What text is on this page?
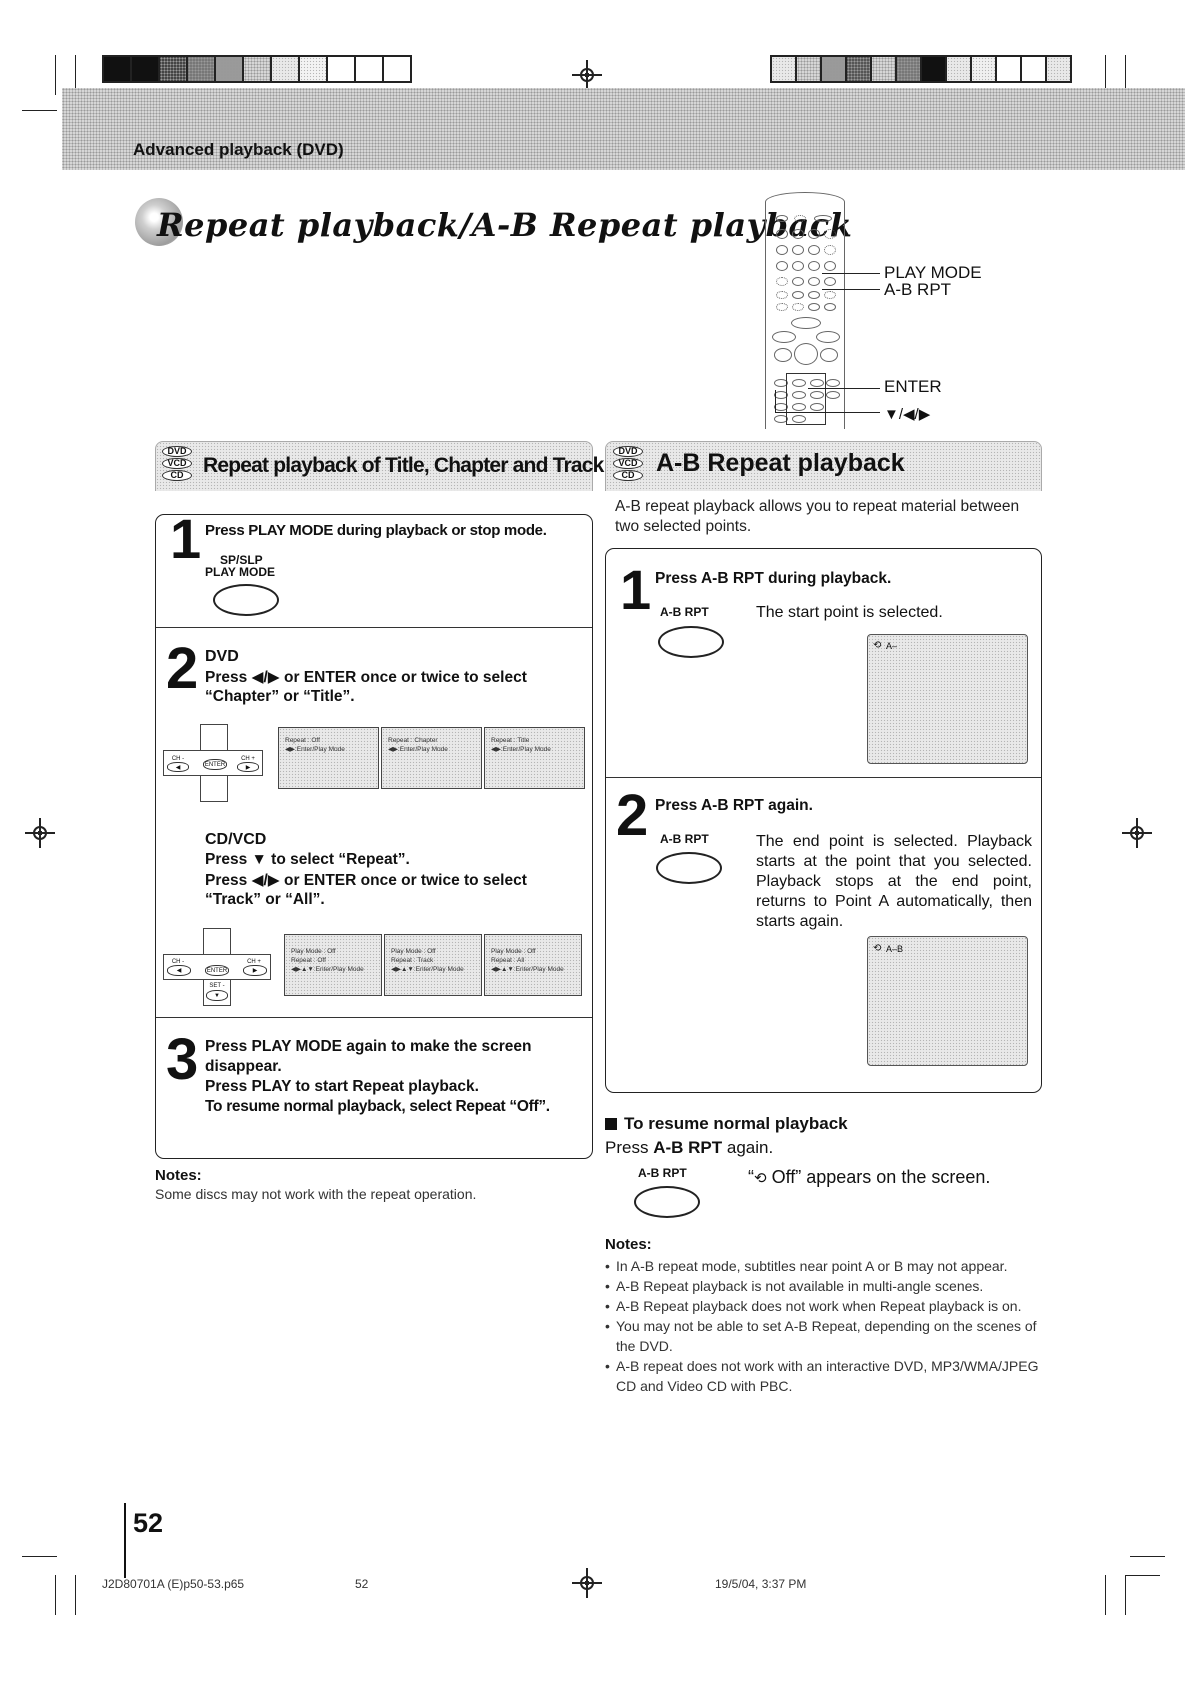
Advanced playback (DVD)
Repeat playback/A-B Repeat playback
PLAY MODE
A-B RPT
ENTER
▼/◀/▶
DVD
VCD
CD Repeat playback of Title, Chapter and Track
1 Press PLAY MODE during playback or stop mode.
SP/SLP
PLAY MODE
2 DVD
Press ◀/▶ or ENTER once or twice to select
“Chapter” or “Title”.
CH -
◀	ENTER
CH +
▶
Repeat : Off
◀▶:Enter/Play Mode
Repeat : Chapter
◀▶:Enter/Play Mode
Repeat : Title
◀▶:Enter/Play Mode
CD/VCD
Press ▼ to select “Repeat”.
Press ◀/▶ or ENTER once or twice to select
“Track” or “All”.
CH -
◀	ENTER
CH +
▶
SET -
▼
Play Mode : Off
Repeat : Off
◀▶▲▼:Enter/Play Mode
Play Mode : Off
Repeat : Track
◀▶▲▼:Enter/Play Mode
Play Mode : Off
Repeat : All
◀▶▲▼:Enter/Play Mode
3 Press PLAY MODE again to make the screen
disappear.
Press PLAY to start Repeat playback.
To resume normal playback, select Repeat “Off”.
Notes:
Some discs may not work with the repeat operation.
DVD
VCD
CD A-B Repeat playback
A-B repeat playback allows you to repeat material between two selected points.
1 Press A-B RPT during playback.
A-B RPT	The start point is selected.
⟲ A–
2 Press A-B RPT again.
A-B RPT	The end point is selected. Playback starts at the point that you selected. Playback stops at the end point, returns to Point A automatically, then starts again.
⟲ A–B
To resume normal playback
Press A-B RPT again.
A-B RPT	“⟲ Off” appears on the screen.
Notes:
• In A-B repeat mode, subtitles near point A or B may not appear.
• A-B Repeat playback is not available in multi-angle scenes.
• A-B Repeat playback does not work when Repeat playback is on.
• You may not be able to set A-B Repeat, depending on the scenes of the DVD.
• A-B repeat does not work with an interactive DVD, MP3/WMA/JPEG CD and Video CD with PBC.
52
J2D80701A (E)p50-53.p65	52	19/5/04, 3:37 PM
